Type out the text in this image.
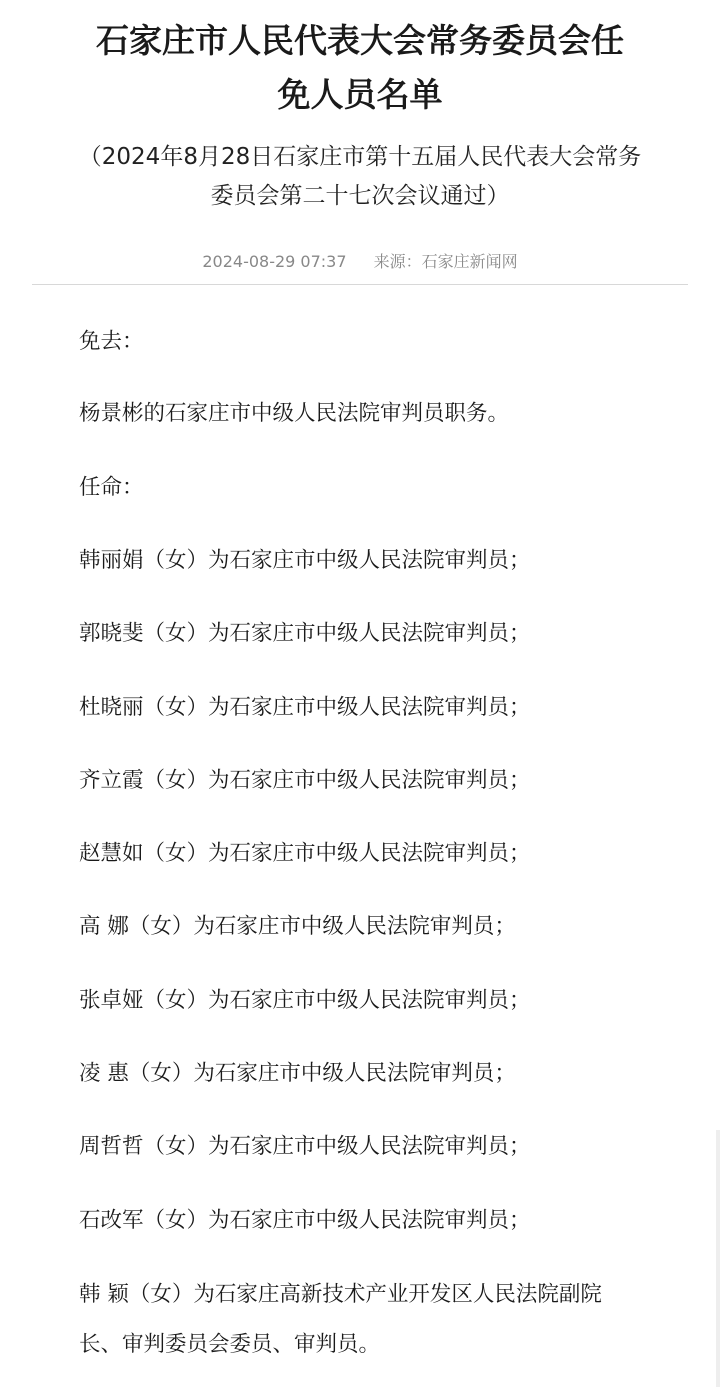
石家庄市人民代表大会常务委员会任
免人员名单

（2024年8月28日石家庄市第十五届人民代表大会常务
委员会第二十七次会议通过）

2024-08-29 07:37 来源：石家庄新闻网

免去：

杨景彬的石家庄市中级人民法院审判员职务。

任命：

韩丽娟（女）为石家庄市中级人民法院审判员；

郭晓斐（女）为石家庄市中级人民法院审判员；

杜晓丽（女）为石家庄市中级人民法院审判员；

齐立霞（女）为石家庄市中级人民法院审判员；

赵慧如（女）为石家庄市中级人民法院审判员；

高 娜（女）为石家庄市中级人民法院审判员；

张卓娅（女）为石家庄市中级人民法院审判员；

凌 惠（女）为石家庄市中级人民法院审判员；

周哲哲（女）为石家庄市中级人民法院审判员；

石改军（女）为石家庄市中级人民法院审判员；

韩 颖（女）为石家庄高新技术产业开发区人民法院副院
长、审判委员会委员、审判员。
